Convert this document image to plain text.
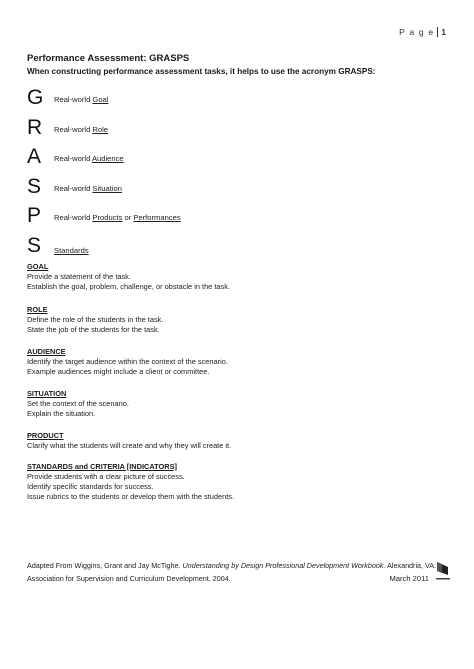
P a g e 1
Performance Assessment: GRASPS
When constructing performance assessment tasks, it helps to use the acronym GRASPS:
G Real-world Goal
R Real-world Role
A Real-world Audience
S Real-world Situation
P Real-world Products or Performances
S Standards

GOAL

Provide a statement of the task.

Establish the goal, problem, challenge, or obstacle in the task.

ROLE

Define the role of the students in the task.

State the job of the students for the task.

AUDIENCE

Identify the target audience within the context of the scenario.

Example audiences might include a client or committee.

SITUATION

Set the context of the scenario.

Explain the situation.

PRODUCT

Clarify what the students will create and why they will create it.

STANDARDS and CRITERIA [INDICATORS]

Provide students with a clear picture of success.

Identify specific standards for success.

Issue rubrics to the students or develop them with the students.

Adapted From Wiggins, Grant and Jay McTighe. Understanding by Design Professional Development Workbook. Alexandria, VA:
Association for Supervision and Curriculum Development. 2004.	March 2011
